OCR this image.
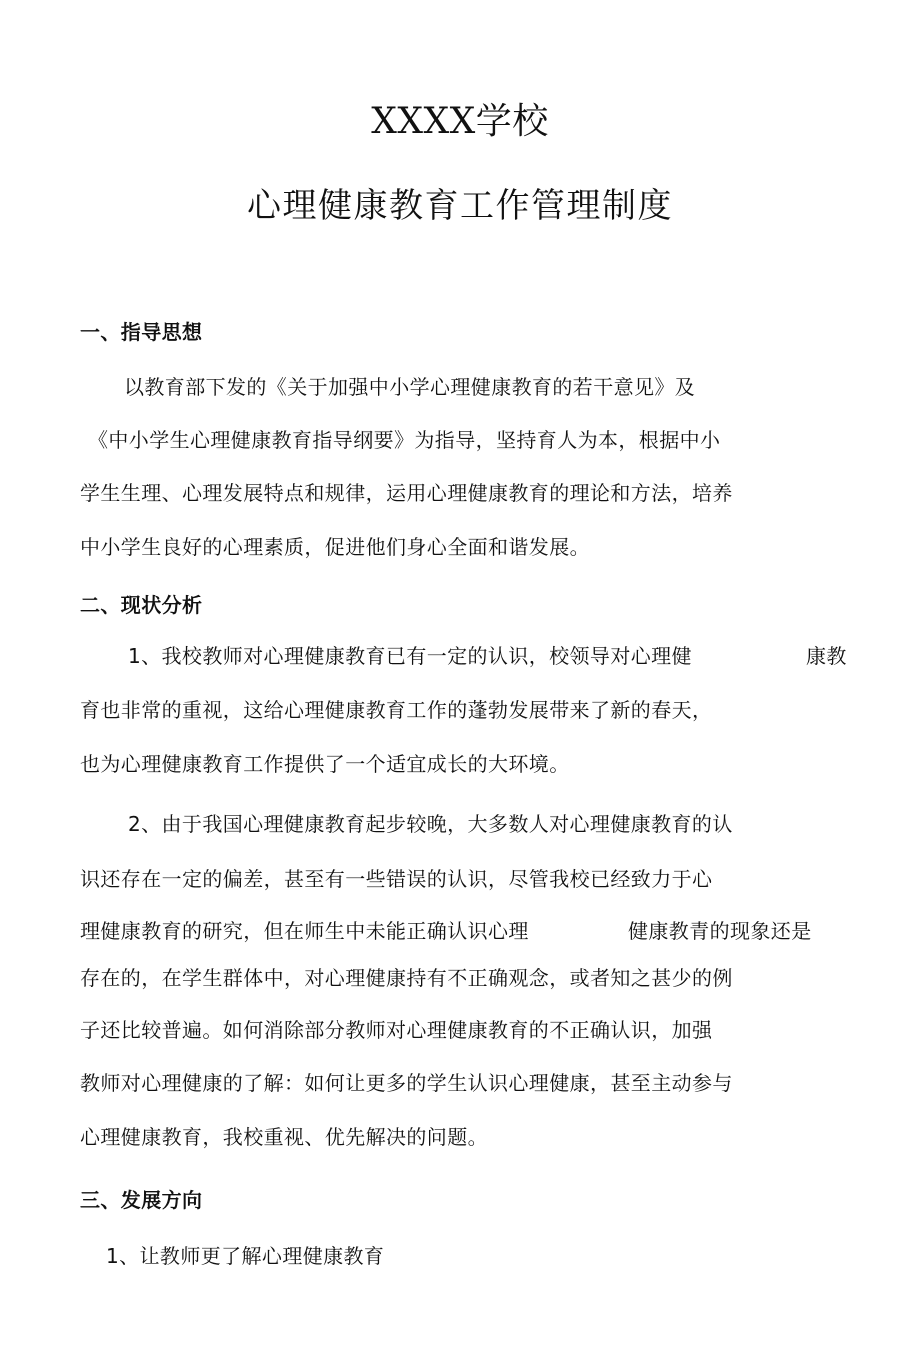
XXXX学校
心理健康教育工作管理制度
一、指导思想
以教育部下发的《关于加强中小学心理健康教育的若干意见》及
《中小学生心理健康教育指导纲要》为指导，坚持育人为本，根据中小
学生生理、心理发展特点和规律，运用心理健康教育的理论和方法，培养
中小学生良好的心理素质，促进他们身心全面和谐发展。
二、现状分析
1、我校教师对心理健康教育已有一定的认识，校领导对心理健	康教
育也非常的重视，这给心理健康教育工作的蓬勃发展带来了新的春天，
也为心理健康教育工作提供了一个适宜成长的大环境。
2、由于我国心理健康教育起步较晚，大多数人对心理健康教育的认
识还存在一定的偏差，甚至有一些错误的认识，尽管我校已经致力于心
理健康教育的研究，但在师生中未能正确认识心理	健康教青的现象还是
存在的，在学生群体中，对心理健康持有不正确观念，或者知之甚少的例
子还比较普遍。如何消除部分教师对心理健康教育的不正确认识，加强
教师对心理健康的了解：如何让更多的学生认识心理健康，甚至主动参与
心理健康教育，我校重视、优先解决的问题。
三、发展方向
1、让教师更了解心理健康教育
